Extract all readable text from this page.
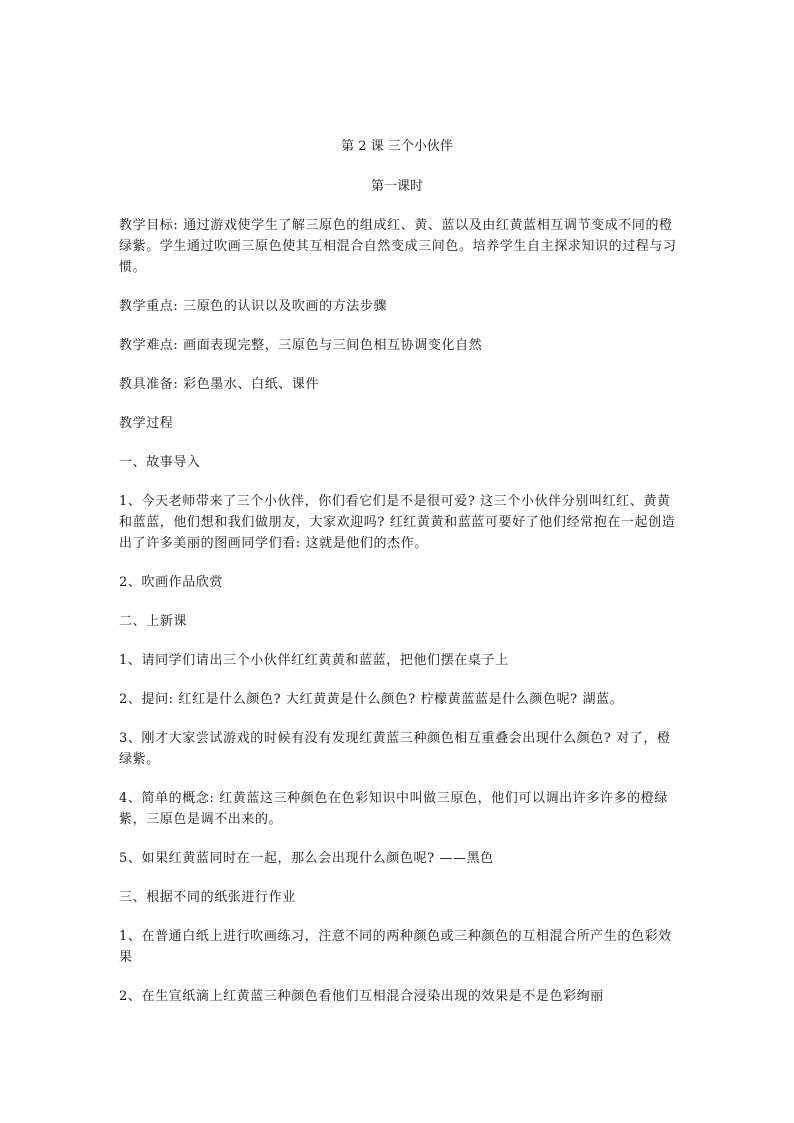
第 2 课 三个小伙伴
第一课时

教学目标: 通过游戏使学生了解三原色的组成红、黄、蓝以及由红黄蓝相互调节变成不同的橙绿紫。学生通过吹画三原色使其互相混合自然变成三间色。培养学生自主探求知识的过程与习惯。

教学重点: 三原色的认识以及吹画的方法步骤

教学难点: 画面表现完整，三原色与三间色相互协调变化自然

教具准备: 彩色墨水、白纸、课件

教学过程

一、故事导入

1、今天老师带来了三个小伙伴，你们看它们是不是很可爱? 这三个小伙伴分别叫红红、黄黄和蓝蓝，他们想和我们做朋友，大家欢迎吗? 红红黄黄和蓝蓝可要好了他们经常抱在一起创造出了许多美丽的图画同学们看: 这就是他们的杰作。

2、吹画作品欣赏

二、上新课

1、请同学们请出三个小伙伴红红黄黄和蓝蓝，把他们摆在桌子上

2、提问: 红红是什么颜色? 大红黄黄是什么颜色? 柠檬黄蓝蓝是什么颜色呢? 湖蓝。

3、刚才大家尝试游戏的时候有没有发现红黄蓝三种颜色相互重叠会出现什么颜色? 对了，橙绿紫。

4、简单的概念: 红黄蓝这三种颜色在色彩知识中叫做三原色，他们可以调出许多许多的橙绿紫，三原色是调不出来的。

5、如果红黄蓝同时在一起，那么会出现什么颜色呢? ——黑色

三、根据不同的纸张进行作业

1、在普通白纸上进行吹画练习，注意不同的两种颜色或三种颜色的互相混合所产生的色彩效果

2、在生宣纸滴上红黄蓝三种颜色看他们互相混合浸染出现的效果是不是色彩绚丽
